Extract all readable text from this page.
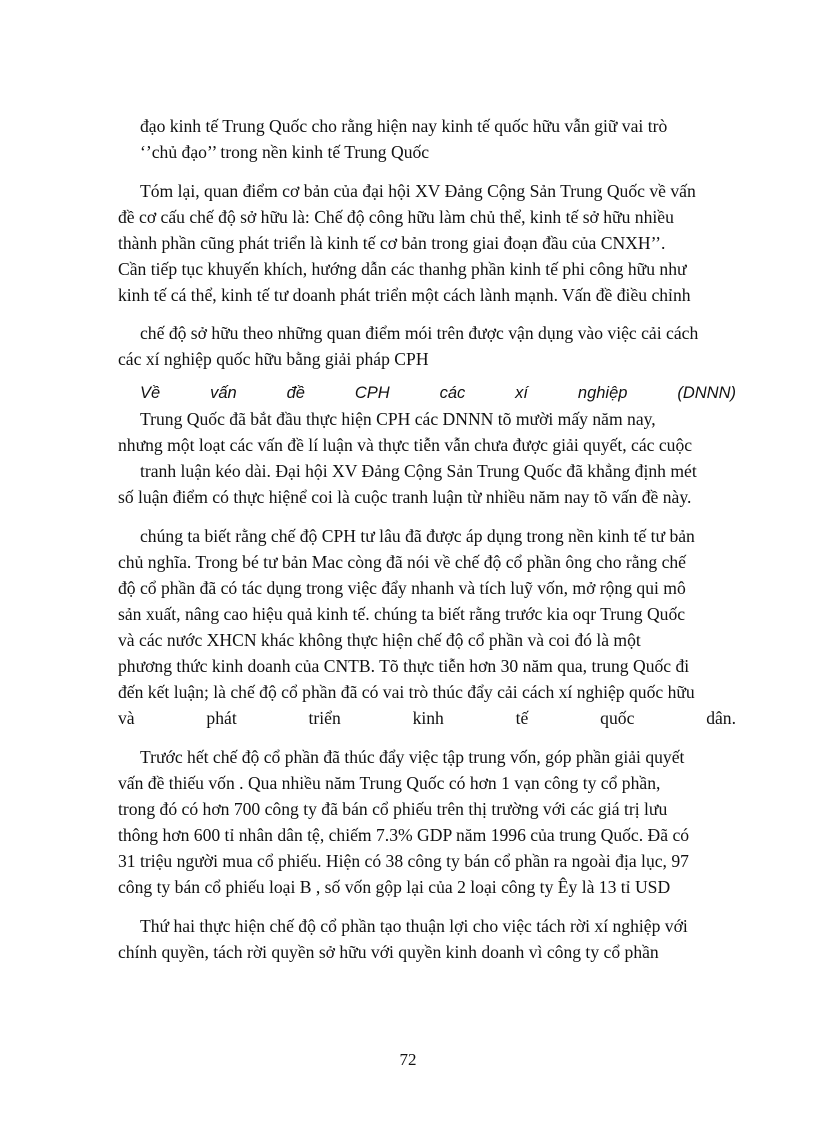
đạo kinh tế Trung Quốc cho rằng hiện nay kinh tế quốc hữu vẫn giữ vai trò
‘’chủ đạo’’ trong nền kinh tế Trung Quốc
Tóm lại, quan điểm cơ bản của đại hội XV Đảng Cộng Sản Trung Quốc về vấn
đề cơ cấu chế độ sở hữu là: Chế độ công hữu làm chủ thể, kinh tế sở hữu nhiều
thành phần cũng phát triển là kinh tế cơ bản trong giai đoạn đầu của CNXH’’.
Cần tiếp tục khuyến khích, hướng dẫn các thanhg phần kinh tế phi công hữu như
kinh tế cá thể, kinh tế tư doanh phát triển một cách lành mạnh. Vấn đề điều chỉnh
chế độ sở hữu theo những quan điểm mói trên được vận dụng vào việc cải cách
các xí nghiệp quốc hữu bằng giải pháp CPH
Về vấn đề CPH các xí nghiệp (DNNN)
Trung Quốc đã bắt đầu thực hiện CPH các DNNN tõ mười mấy năm nay,
nhưng một loạt các vấn đề lí luận và thực tiễn vẫn chưa được giải quyết, các cuộc
tranh luận kéo dài. Đại hội XV Đảng Cộng Sản Trung Quốc đã khẳng định mét
số luận điểm có thực hiệnể coi là cuộc tranh luận từ nhiều năm nay tõ vấn đề này.
chúng ta biết rằng chế độ CPH tư lâu đã được áp dụng trong nền kinh tế tư bản
chủ nghĩa. Trong bé tư bản Mac còng đã nói về chế độ cổ phần ông cho rằng chế
độ cổ phần đã có tác dụng trong việc đẩy nhanh và tích luỹ vốn, mở rộng qui mô
sản xuất, nâng cao hiệu quả kinh tế. chúng ta biết rằng trước kia oqr Trung Quốc
và các nước XHCN khác không thực hiện chế độ cổ phần và coi đó là một
phương thức kinh doanh của CNTB. Tõ thực tiễn hơn 30 năm qua, trung Quốc đi
đến kết luận; là chế độ cổ phần đã có vai trò thúc đẩy cải cách xí nghiệp quốc hữu
và phát triển kinh tế quốc dân.
Trước hết chế độ cổ phần đã thúc đẩy việc tập trung vốn, góp phần giải quyết
vấn đề thiếu vốn . Qua nhiều năm Trung Quốc có hơn 1 vạn công ty cổ phần,
trong đó có hơn 700 công ty đã bán cổ phiếu trên thị trường với các giá trị lưu
thông hơn 600 tỉ nhân dân tệ, chiếm 7.3% GDP năm 1996 của trung Quốc. Đã có
31 triệu người mua cổ phiếu. Hiện có 38 công ty bán cổ phần ra ngoài địa lục, 97
công ty bán cổ phiếu loại B , số vốn gộp lại của 2 loại công ty Êy là 13 tỉ USD
Thứ hai thực hiện chế độ cổ phần tạo thuận lợi cho việc tách rời xí nghiệp với
chính quyền, tách rời quyền sở hữu với quyền kinh doanh vì công ty cổ phần
72
